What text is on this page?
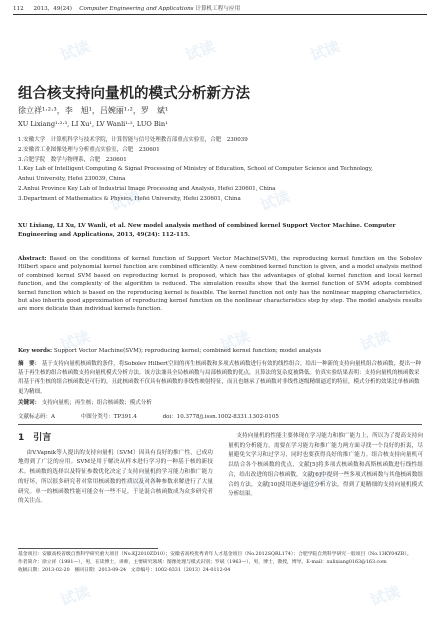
112 2013，49(24)　 Computer Engineering and Applications 计算机工程与应用
试读	试读	试读
试读	试读
试读	试读	试读
试读	试读
试读	试读
组合核支持向量机的模式分析新方法
徐立祥¹·²·³，李　旭¹，吕婉丽¹·²，罗　斌¹
XU Lixiang¹·²·³, LI Xu¹, LV Wanli¹·², LUO Bin¹
1.安徽大学　计算机科学与技术学院，计算智能与信号处理教育部重点实验室，合肥　230039
2.安徽省工业图像处理与分析重点实验室，合肥　230601
3.合肥学院　数学与物理系，合肥　230601
1.Key Lab of Intelligent Computing & Signal Processing of Ministry of Education, School of Computer Science and Technology,
Anhui University, Hefei 230039, China
2.Anhui Province Key Lab of Industrial Image Processing and Analysis, Hefei 230601, China
3.Department of Mathematics & Physics, Hefei University, Hefei 230601, China
XU Lixiang, LI Xu, LV Wanli, et al. New model analysis method of combined kernel Support Vector Machine. Computer Engineering and Applications, 2013, 49(24): 112-115.
Abstract: Based on the conditions of kernel function of Support Vector Machine(SVM), the reproducing kernel function on the Sobolev Hilbert space and polynomial kernel function are combined efficiently. A new combined kernel function is given, and a model analysis method of combined kernel SVM based on reproducing kernel is proposed, which has the advantages of global kernel function and local kernel function, and the complexity of the algorithm is reduced. The simulation results show that the kernel function of SVM adopts combined kernel function which is based on the reproducing kernel is feasible. The kernel function not only has the nonlinear mapping characteristics, but also inherits good approximation of reproducing kernel function on the nonlinear characteristics step by step. The model analysis results are more delicate than individual kernels function.
Key words: Support Vector Machine(SVM); reproducing kernel; combined kernel function; model analysis
摘　要： 基于支持向量机核函数的条件，将Sobolev Hilbert空间的再生核函数和多项式核函数进行有效的线性组合，给出一种新的支持向量机组合核函数，提出一种基于再生核的组合核函数支持向量机模式分析方法。该方法兼具全局核函数与局部核函数的优点，且算法的复杂度被降低。仿真实验结果表明：支持向量机的核函数采用基于再生核的组合核函数是可行的，且此核函数不仅具有核函数的非线性映射特征，而且也继承了核函数对非线性逐级精细逼近的特征，模式分析的效果比单核函数更为精细。
关键词： 支持向量机；再生核；组合核函数；模式分析
文献标志码：A	中图分类号：TP391.4	doi：10.3778/j.issn.1002-8331.1302-0105
1　引言
由V.Vapnik等人提出的支持向量机（SVM）因具有良好的推广性，已成功地得到了广泛的应用。SVM是用于解决从样本进行学习的一种基于核的新技术。核函数的选择以及特征参数优化决定了支持向量机的学习能力和推广能力的好坏，所以很多研究者对常用核函数的性质以及对各种参数求解进行了大量研究。单一的核函数性能可能会有一些不足，于是混合核函数成为众多研究者的关注点。
支持向量机的性能主要体现在学习能力和推广能力上，所以为了提高支持向量机的分析能力，需要在学习能力和推广能力两方面寻找一个良好的折衷，尽量避免欠学习和过学习，同时也要获得良好的推广能力。组合核支持向量机可以结合各个核函数的优点，文献[5]将多项式核函数和高斯核函数进行线性组合，给出改进的组合核函数，文献[6]中提到一些多项式核函数与其他核函数组合的方法，文献[10]使用逐步逼近分析方法，得到了更精细的支持向量机模式分析结果。
基金项目：安徽高校省级自然科学研究重大项目（No.KJ2010ZD10）；安徽省高校优秀青年人才基金项目（No.2012SQRL174）；合肥学院自然科学研究一般项目（No.13KY04ZR）。
作者简介：徐立祥（1981—），男，在读博士，讲师，主要研究领域：图像处理与模式识别；罗斌（1963—），男，博士，教授，博导。E-mail：xulixiang0163@163.com
收稿日期：2013-02-20　修回日期：2013-09-24　文章编号：1002-8331（2013）24-0112-04
